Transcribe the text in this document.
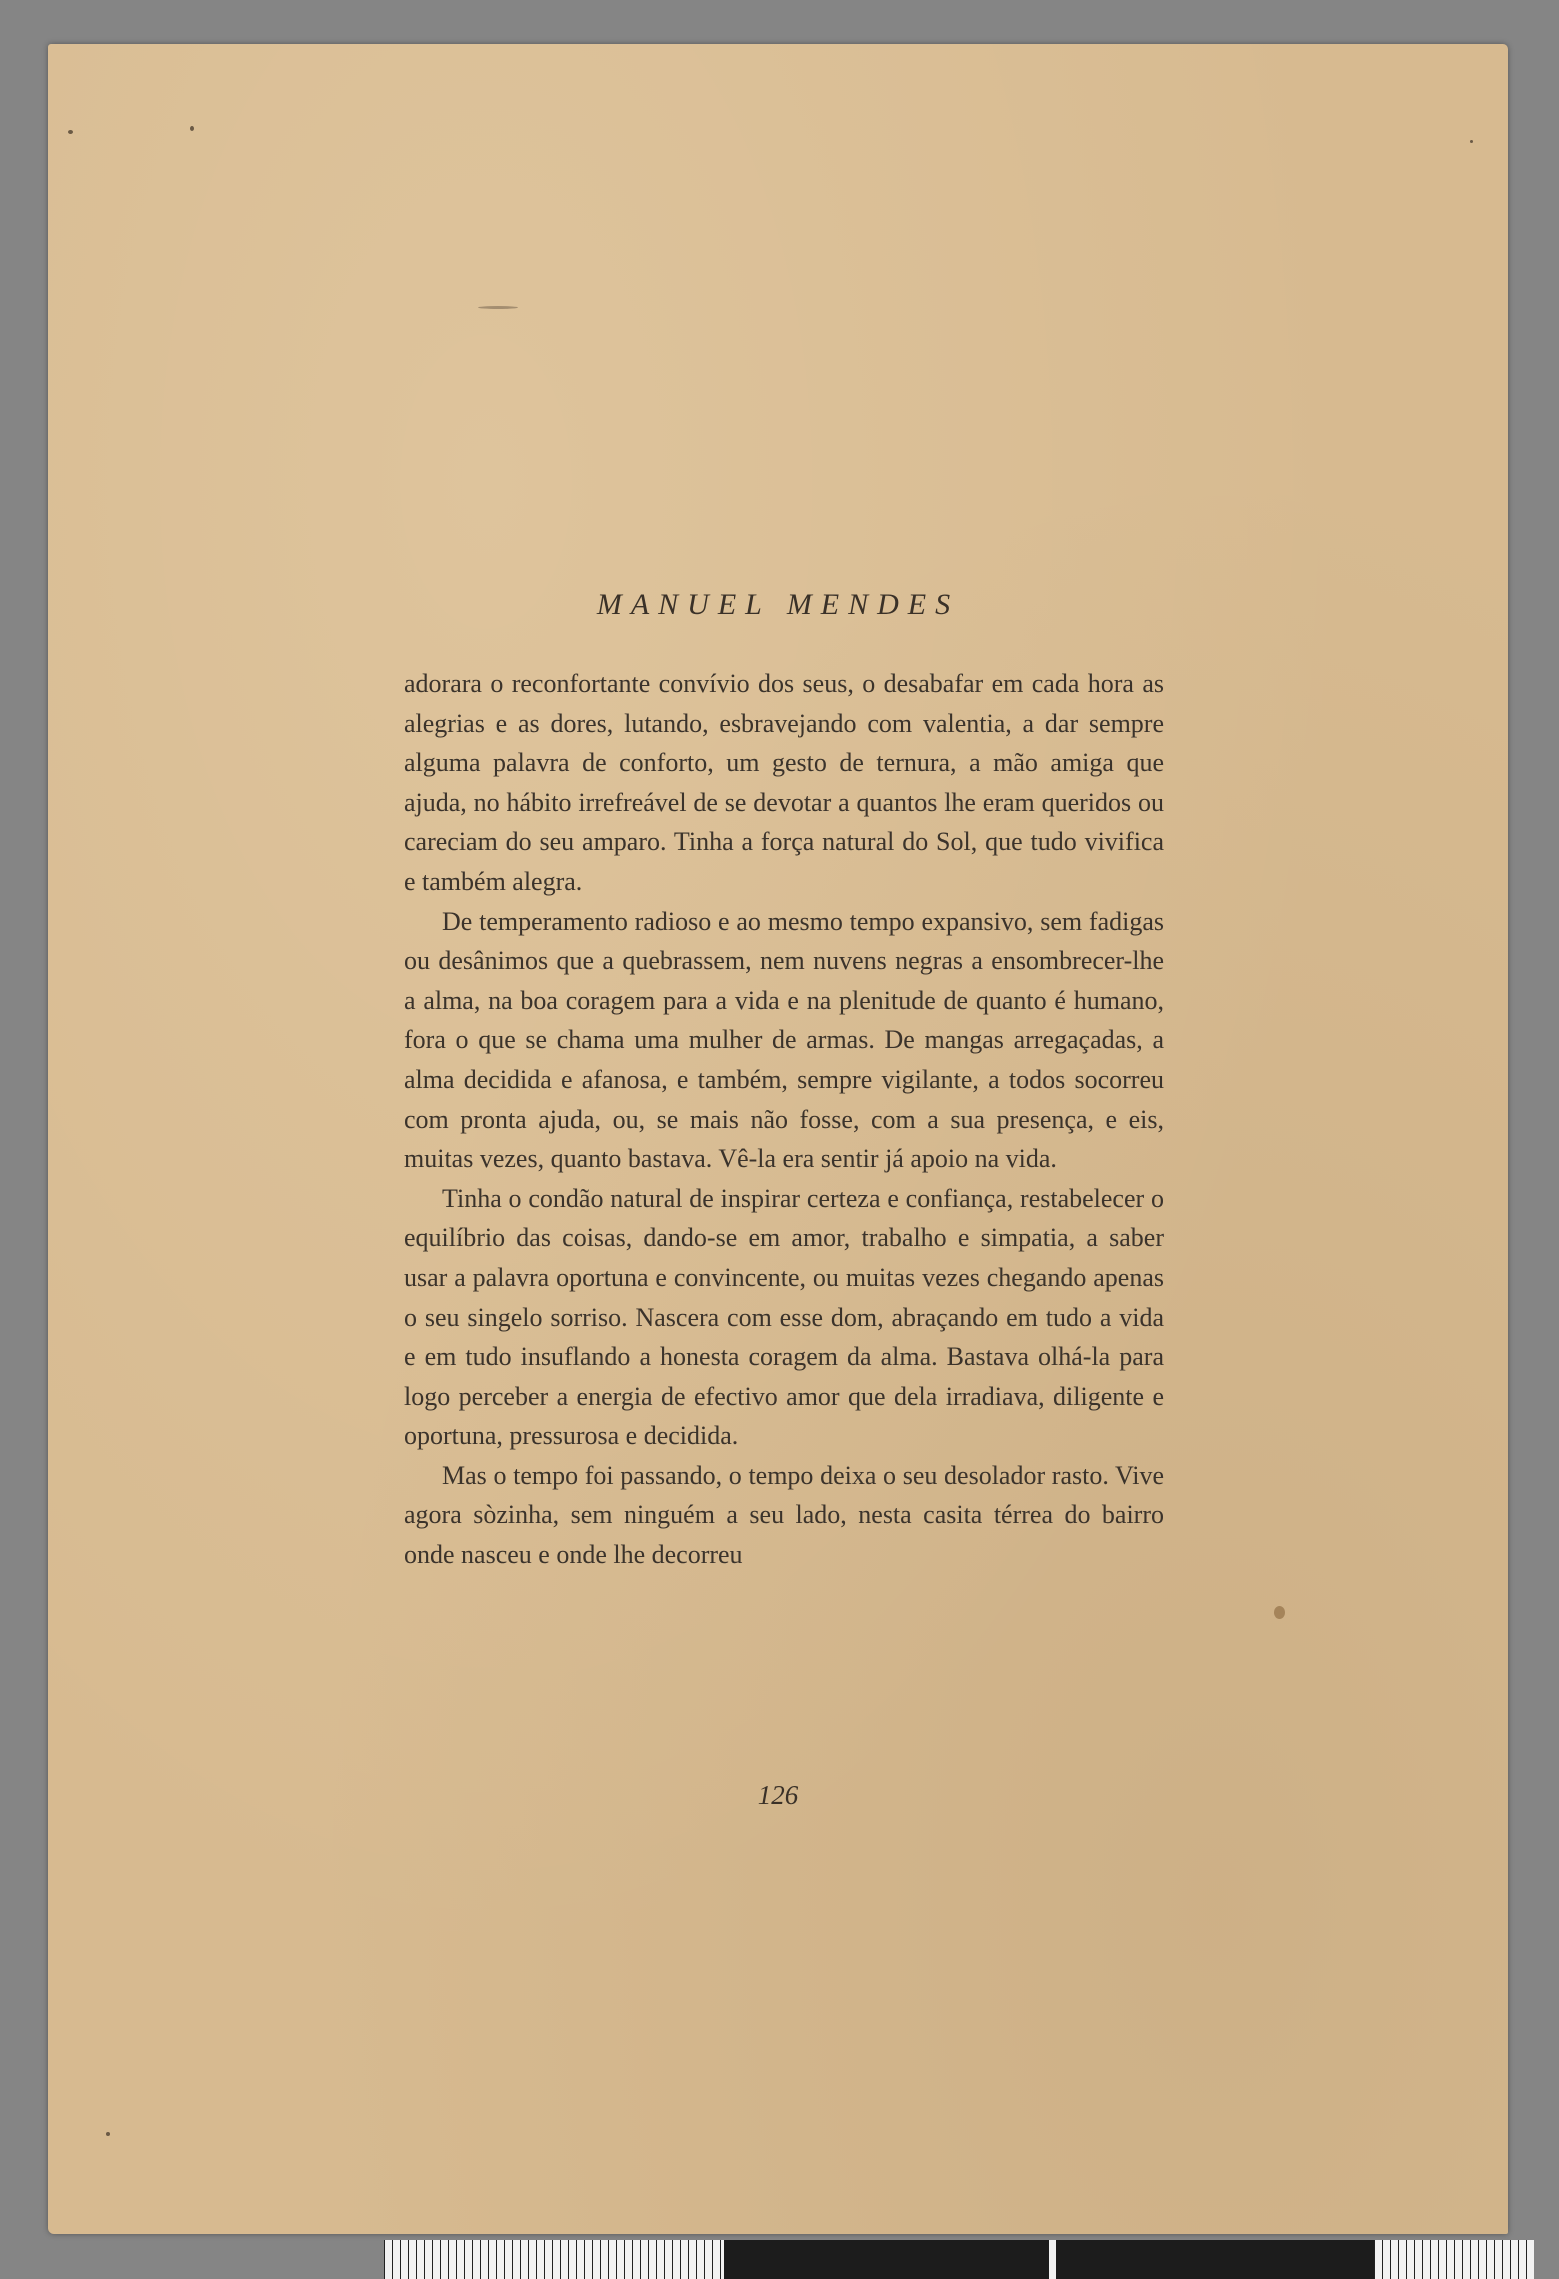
MANUEL MENDES

adorara o reconfortante convívio dos seus, o desabafar em cada hora as alegrias e as dores, lutando, esbravejando com valentia, a dar sempre alguma palavra de conforto, um gesto de ternura, a mão amiga que ajuda, no hábito irrefreável de se devotar a quantos lhe eram queridos ou careciam do seu amparo. Tinha a força natural do Sol, que tudo vivifica e também alegra.

De temperamento radioso e ao mesmo tempo expansivo, sem fadigas ou desânimos que a quebrassem, nem nuvens negras a ensombrecer-lhe a alma, na boa coragem para a vida e na plenitude de quanto é humano, fora o que se chama uma mulher de armas. De mangas arregaçadas, a alma decidida e afanosa, e também, sempre vigilante, a todos socorreu com pronta ajuda, ou, se mais não fosse, com a sua presença, e eis, muitas vezes, quanto bastava. Vê-la era sentir já apoio na vida.

Tinha o condão natural de inspirar certeza e confiança, restabelecer o equilíbrio das coisas, dando-se em amor, trabalho e simpatia, a saber usar a palavra oportuna e convincente, ou muitas vezes chegando apenas o seu singelo sorriso. Nascera com esse dom, abraçando em tudo a vida e em tudo insuflando a honesta coragem da alma. Bastava olhá-la para logo perceber a energia de efectivo amor que dela irradiava, diligente e oportuna, pressurosa e decidida.

Mas o tempo foi passando, o tempo deixa o seu desolador rasto. Vive agora sòzinha, sem ninguém a seu lado, nesta casita térrea do bairro onde nasceu e onde lhe decorreu

126
